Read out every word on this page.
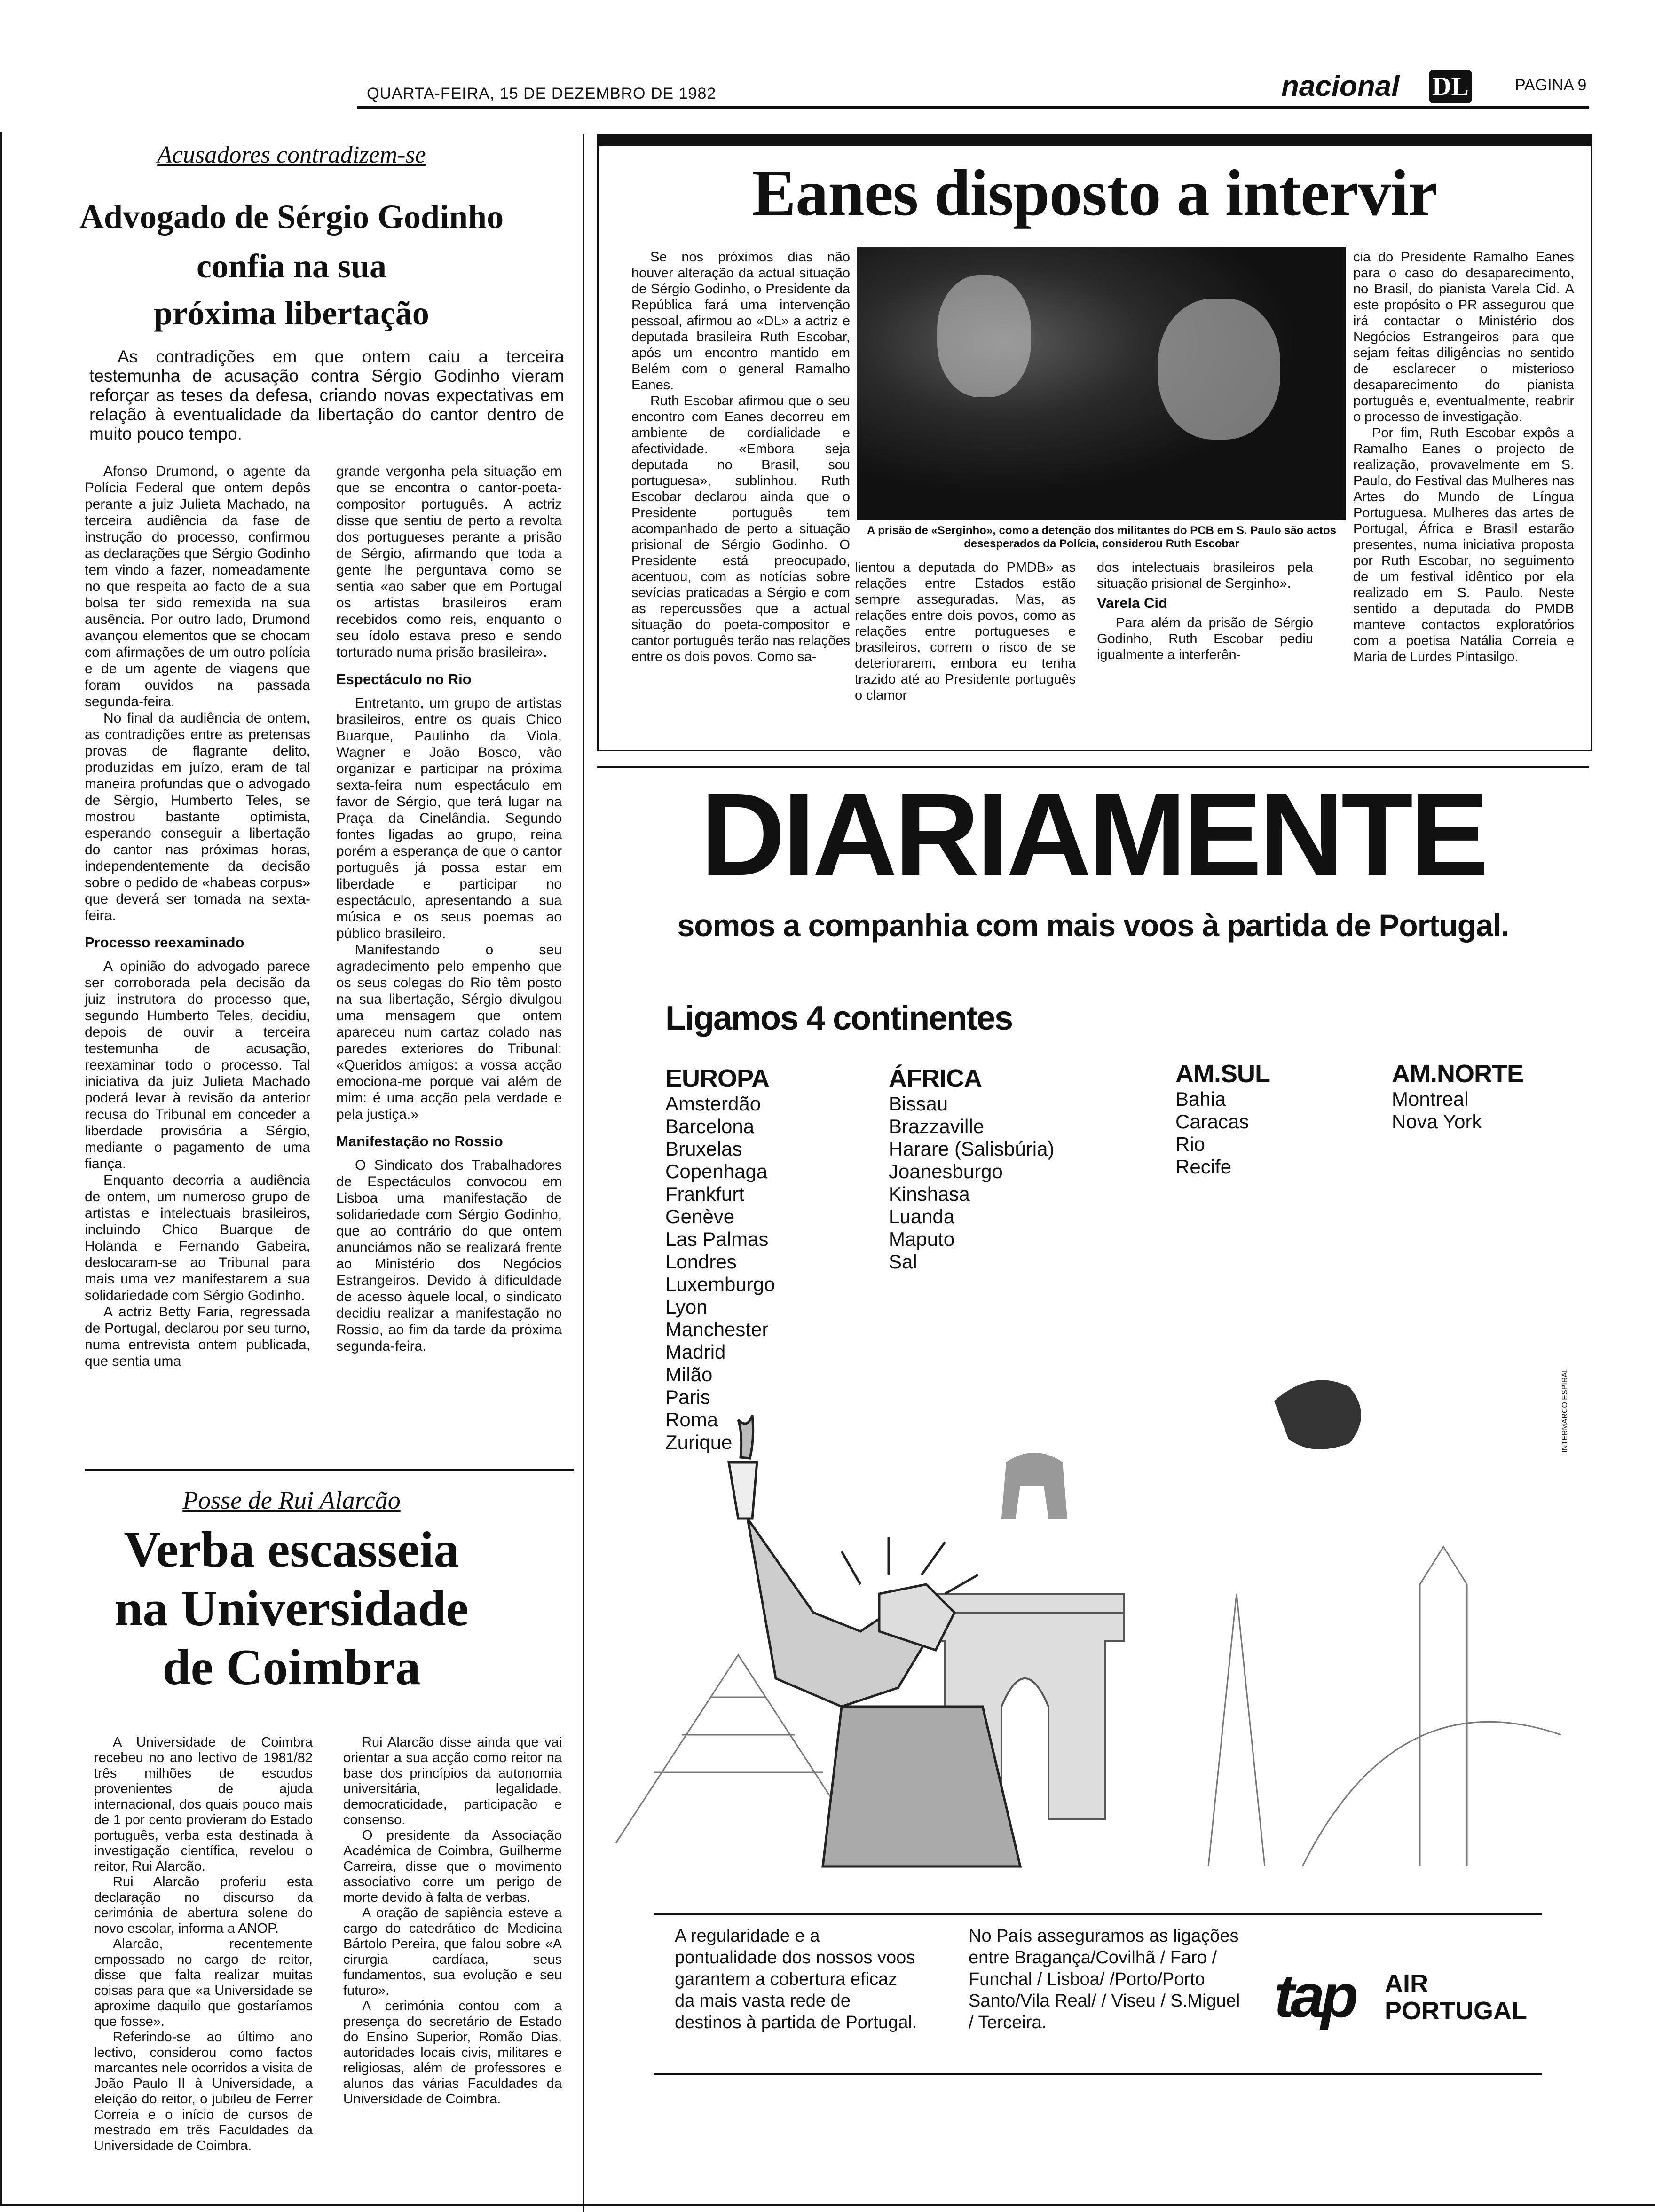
QUARTA-FEIRA, 15 DE DEZEMBRO DE 1982	nacional DL	PAGINA 9
Acusadores contradizem-se
Advogado de Sérgio Godinho
confia na sua
próxima libertação
As contradições em que ontem caiu a terceira testemunha de acusação contra Sérgio Godinho vieram reforçar as teses da defesa, criando novas expectativas em relação à eventualidade da libertação do cantor dentro de muito pouco tempo.

Afonso Drumond, o agente da Polícia Federal que ontem depôs perante a juiz Julieta Machado, na terceira audiência da fase de instrução do processo, confirmou as declarações que Sérgio Godinho tem vindo a fazer, nomeadamente no que respeita ao facto de a sua bolsa ter sido remexida na sua ausência. Por outro lado, Drumond avançou elementos que se chocam com afirmações de um outro polícia e de um agente de viagens que foram ouvidos na passada segunda-feira.

No final da audiência de ontem, as contradições entre as pretensas provas de flagrante delito, produzidas em juízo, eram de tal maneira profundas que o advogado de Sérgio, Humberto Teles, se mostrou bastante optimista, esperando conseguir a libertação do cantor nas próximas horas, independentemente da decisão sobre o pedido de «habeas corpus» que deverá ser tomada na sexta-feira.

Processo reexaminado

A opinião do advogado parece ser corroborada pela decisão da juiz instrutora do processo que, segundo Humberto Teles, decidiu, depois de ouvir a terceira testemunha de acusação, reexaminar todo o processo. Tal iniciativa da juiz Julieta Machado poderá levar à revisão da anterior recusa do Tribunal em conceder a liberdade provisória a Sérgio, mediante o pagamento de uma fiança.

Enquanto decorria a audiência de ontem, um numeroso grupo de artistas e intelectuais brasileiros, incluindo Chico Buarque de Holanda e Fernando Gabeira, deslocaram-se ao Tribunal para mais uma vez manifestarem a sua solidariedade com Sérgio Godinho.

A actriz Betty Faria, regressada de Portugal, declarou por seu turno, numa entrevista ontem publicada, que sentia uma

grande vergonha pela situação em que se encontra o cantor-poeta-compositor português. A actriz disse que sentiu de perto a revolta dos portugueses perante a prisão de Sérgio, afirmando que toda a gente lhe perguntava como se sentia «ao saber que em Portugal os artistas brasileiros eram recebidos como reis, enquanto o seu ídolo estava preso e sendo torturado numa prisão brasileira».

Espectáculo no Rio

Entretanto, um grupo de artistas brasileiros, entre os quais Chico Buarque, Paulinho da Viola, Wagner e João Bosco, vão organizar e participar na próxima sexta-feira num espectáculo em favor de Sérgio, que terá lugar na Praça da Cinelândia. Segundo fontes ligadas ao grupo, reina porém a esperança de que o cantor português já possa estar em liberdade e participar no espectáculo, apresentando a sua música e os seus poemas ao público brasileiro.

Manifestando o seu agradecimento pelo empenho que os seus colegas do Rio têm posto na sua libertação, Sérgio divulgou uma mensagem que ontem apareceu num cartaz colado nas paredes exteriores do Tribunal: «Queridos amigos: a vossa acção emociona-me porque vai além de mim: é uma acção pela verdade e pela justiça.»

Manifestação no Rossio

O Sindicato dos Trabalhadores de Espectáculos convocou em Lisboa uma manifestação de solidariedade com Sérgio Godinho, que ao contrário do que ontem anunciámos não se realizará frente ao Ministério dos Negócios Estrangeiros. Devido à dificuldade de acesso àquele local, o sindicato decidiu realizar a manifestação no Rossio, ao fim da tarde da próxima segunda-feira.

Eanes disposto a intervir

Se nos próximos dias não houver alteração da actual situação de Sérgio Godinho, o Presidente da República fará uma intervenção pessoal, afirmou ao «DL» a actriz e deputada brasileira Ruth Escobar, após um encontro mantido em Belém com o general Ramalho Eanes.

Ruth Escobar afirmou que o seu encontro com Eanes decorreu em ambiente de cordialidade e afectividade. «Embora seja deputada no Brasil, sou portuguesa», sublinhou. Ruth Escobar declarou ainda que o Presidente português tem acompanhado de perto a situação prisional de Sérgio Godinho. O Presidente está preocupado, acentuou, com as notícias sobre sevícias praticadas a Sérgio e com as repercussões que a actual situação do poeta-compositor e cantor português terão nas relações entre os dois povos. Como sa-

A prisão de «Serginho», como a detenção dos militantes do PCB em S. Paulo são actos desesperados da Polícia, considerou Ruth Escobar

lientou a deputada do PMDB» as relações entre Estados estão sempre asseguradas. Mas, as relações entre dois povos, como as relações entre portugueses e brasileiros, correm o risco de se deteriorarem, embora eu tenha trazido até ao Presidente português o clamor

dos intelectuais brasileiros pela situação prisional de Serginho».

Varela Cid

Para além da prisão de Sérgio Godinho, Ruth Escobar pediu igualmente a interferên-

cia do Presidente Ramalho Eanes para o caso do desaparecimento, no Brasil, do pianista Varela Cid. A este propósito o PR assegurou que irá contactar o Ministério dos Negócios Estrangeiros para que sejam feitas diligências no sentido de esclarecer o misterioso desaparecimento do pianista português e, eventualmente, reabrir o processo de investigação.

Por fim, Ruth Escobar expôs a Ramalho Eanes o projecto de realização, provavelmente em S. Paulo, do Festival das Mulheres nas Artes do Mundo de Língua Portuguesa. Mulheres das artes de Portugal, África e Brasil estarão presentes, numa iniciativa proposta por Ruth Escobar, no seguimento de um festival idêntico por ela realizado em S. Paulo. Neste sentido a deputada do PMDB manteve contactos exploratórios com a poetisa Natália Correia e Maria de Lurdes Pintasilgo.

DIARIAMENTE
somos a companhia com mais voos à partida de Portugal.
Ligamos 4 continentes
EUROPA
Amsterdão
Barcelona
Bruxelas
Copenhaga
Frankfurt
Genève
Las Palmas
Londres
Luxemburgo
Lyon
Manchester
Madrid
Milão
Paris
Roma
Zurique
ÁFRICA
Bissau
Brazzaville
Harare (Salisbúria)
Joanesburgo
Kinshasa
Luanda
Maputo
Sal
AM.SUL
Bahia
Caracas
Rio
Recife
AM.NORTE
Montreal
Nova York
INTERMARCO ESPIRAL
A regularidade e a pontualidade dos nossos voos garantem a cobertura eficaz da mais vasta rede de destinos à partida de Portugal.
No País asseguramos as ligações entre Bragança/Covilhã / Faro / Funchal / Lisboa/ /Porto/Porto Santo/Vila Real/ / Viseu / S.Miguel / Terceira.	tap AIR
PORTUGAL
Posse de Rui Alarcão
Verba escasseia
na Universidade
de Coimbra

A Universidade de Coimbra recebeu no ano lectivo de 1981/82 três milhões de escudos provenientes de ajuda internacional, dos quais pouco mais de 1 por cento provieram do Estado português, verba esta destinada à investigação científica, revelou o reitor, Rui Alarcão.

Rui Alarcão proferiu esta declaração no discurso da cerimónia de abertura solene do novo escolar, informa a ANOP.

Alarcão, recentemente empossado no cargo de reitor, disse que falta realizar muitas coisas para que «a Universidade se aproxime daquilo que gostaríamos que fosse».

Referindo-se ao último ano lectivo, considerou como factos marcantes nele ocorridos a visita de João Paulo II à Universidade, a eleição do reitor, o jubileu de Ferrer Correia e o início de cursos de mestrado em três Faculdades da Universidade de Coimbra.

Rui Alarcão disse ainda que vai orientar a sua acção como reitor na base dos princípios da autonomia universitária, legalidade, democraticidade, participação e consenso.

O presidente da Associação Académica de Coimbra, Guilherme Carreira, disse que o movimento associativo corre um perigo de morte devido à falta de verbas.

A oração de sapiência esteve a cargo do catedrático de Medicina Bártolo Pereira, que falou sobre «A cirurgia cardíaca, seus fundamentos, sua evolução e seu futuro».

A cerimónia contou com a presença do secretário de Estado do Ensino Superior, Romão Dias, autoridades locais civis, militares e religiosas, além de professores e alunos das várias Faculdades da Universidade de Coimbra.
